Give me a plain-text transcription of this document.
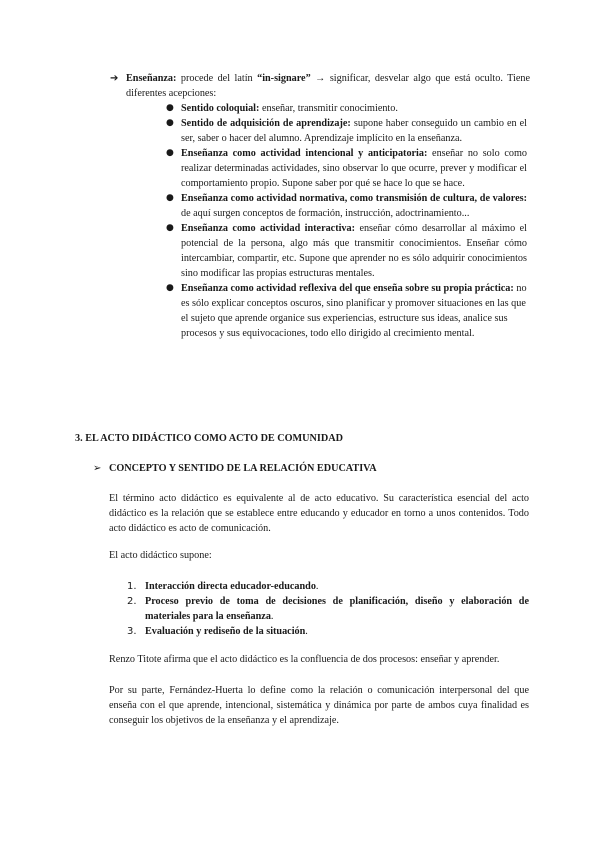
➔ Enseñanza: procede del latín “in-signare” → significar, desvelar algo que está oculto. Tiene diferentes acepciones:

● Sentido coloquial: enseñar, transmitir conocimiento.

● Sentido de adquisición de aprendizaje: supone haber conseguido un cambio en el ser, saber o hacer del alumno. Aprendizaje implícito en la enseñanza.

● Enseñanza como actividad intencional y anticipatoria: enseñar no solo como realizar determinadas actividades, sino observar lo que ocurre, prever y modificar el comportamiento propio. Supone saber por qué se hace lo que se hace.

● Enseñanza como actividad normativa, como transmisión de cultura, de valores: de aquí surgen conceptos de formación, instrucción, adoctrinamiento...

● Enseñanza como actividad interactiva: enseñar cómo desarrollar al máximo el potencial de la persona, algo más que transmitir conocimientos. Enseñar cómo intercambiar, compartir, etc. Supone que aprender no es sólo adquirir conocimientos sino modificar las propias estructuras mentales.

● Enseñanza como actividad reflexiva del que enseña sobre su propia práctica: no es sólo explicar conceptos oscuros, sino planificar y promover situaciones en las que el sujeto que aprende organice sus experiencias, estructure sus ideas, analice sus procesos y sus equivocaciones, todo ello dirigido al crecimiento mental.

3. EL ACTO DIDÁCTICO COMO ACTO DE COMUNIDAD

➢ CONCEPTO Y SENTIDO DE LA RELACIÓN EDUCATIVA

El término acto didáctico es equivalente al de acto educativo. Su característica esencial del acto didáctico es la relación que se establece entre educando y educador en torno a unos contenidos. Todo acto didáctico es acto de comunicación.

El acto didáctico supone:

1. Interacción directa educador-educando.

2. Proceso previo de toma de decisiones de planificación, diseño y elaboración de materiales para la enseñanza.

3. Evaluación y rediseño de la situación.

Renzo Titote afirma que el acto didáctico es la confluencia de dos procesos: enseñar y aprender.

Por su parte, Fernández-Huerta lo define como la relación o comunicación interpersonal del que enseña con el que aprende, intencional, sistemática y dinámica por parte de ambos cuya finalidad es conseguir los objetivos de la enseñanza y el aprendizaje.
